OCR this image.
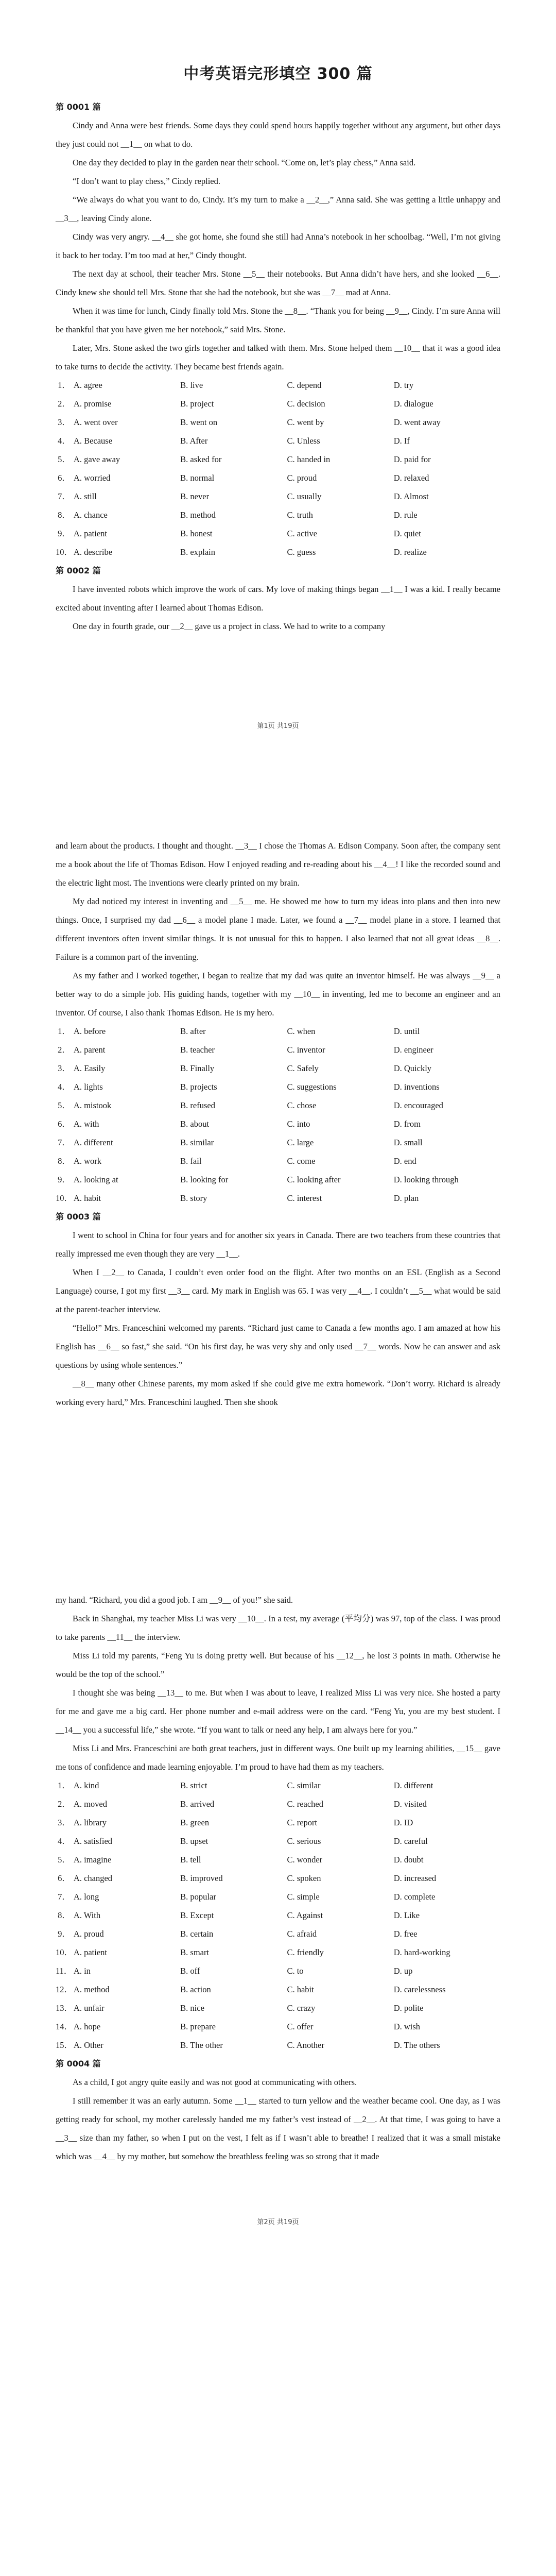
中考英语完形填空 300 篇
第 0001 篇

Cindy and Anna were best friends. Some days they could spend hours happily together without any argument, but other days they just could not __1__ on what to do.

One day they decided to play in the garden near their school. “Come on, let’s play chess,” Anna said.

“I don’t want to play chess,” Cindy replied.

“We always do what you want to do, Cindy. It’s my turn to make a __2__,” Anna said. She was getting a little unhappy and __3__, leaving Cindy alone.

Cindy was very angry. __4__ she got home, she found she still had Anna’s notebook in her schoolbag. “Well, I’m not giving it back to her today. I’m too mad at her,” Cindy thought.

The next day at school, their teacher Mrs. Stone __5__ their notebooks. But Anna didn’t have hers, and she looked __6__. Cindy knew she should tell Mrs. Stone that she had the notebook, but she was __7__ mad at Anna.

When it was time for lunch, Cindy finally told Mrs. Stone the __8__. “Thank you for being __9__, Cindy. I’m sure Anna will be thankful that you have given me her notebook,” said Mrs. Stone.

Later, Mrs. Stone asked the two girls together and talked with them. Mrs. Stone helped them __10__ that it was a good idea to take turns to decide the activity. They became best friends again.

1．	A. agree	B. live	C. depend	D. try
2．	A. promise	B. project	C. decision	D. dialogue
3．	A. went over	B. went on	C. went by	D. went away
4．	A. Because	B. After	C. Unless	D. If
5．	A. gave away	B. asked for	C. handed in	D. paid for
6．	A. worried	B. normal	C. proud	D. relaxed
7．	A. still	B. never	C. usually	D. Almost
8．	A. chance	B. method	C. truth	D. rule
9．	A. patient	B. honest	C. active	D. quiet
10．	A. describe	B. explain	C. guess	D. realize
第 0002 篇

I have invented robots which improve the work of cars. My love of making things began __1__ I was a kid. I really became excited about inventing after I learned about Thomas Edison.

One day in fourth grade, our __2__ gave us a project in class. We had to write to a company

第1页 共19页

and learn about the products. I thought and thought. __3__ I chose the Thomas A. Edison Company. Soon after, the company sent me a book about the life of Thomas Edison. How I enjoyed reading and re-reading about his __4__! I like the recorded sound and the electric light most. The inventions were clearly printed on my brain.

My dad noticed my interest in inventing and __5__ me. He showed me how to turn my ideas into plans and then into new things. Once, I surprised my dad __6__ a model plane I made. Later, we found a __7__ model plane in a store. I learned that different inventors often invent similar things. It is not unusual for this to happen. I also learned that not all great ideas __8__. Failure is a common part of the inventing.

As my father and I worked together, I began to realize that my dad was quite an inventor himself. He was always __9__ a better way to do a simple job. His guiding hands, together with my __10__ in inventing, led me to become an engineer and an inventor. Of course, I also thank Thomas Edison. He is my hero.

1．	A. before	B. after	C. when	D. until
2．	A. parent	B. teacher	C. inventor	D. engineer
3．	A. Easily	B. Finally	C. Safely	D. Quickly
4．	A. lights	B. projects	C. suggestions	D. inventions
5．	A. mistook	B. refused	C. chose	D. encouraged
6．	A. with	B. about	C. into	D. from
7．	A. different	B. similar	C. large	D. small
8．	A. work	B. fail	C. come	D. end
9．	A. looking at	B. looking for	C. looking after	D. looking through
10．	A. habit	B. story	C. interest	D. plan
第 0003 篇

I went to school in China for four years and for another six years in Canada. There are two teachers from these countries that really impressed me even though they are very __1__.

When I __2__ to Canada, I couldn’t even order food on the flight. After two months on an ESL (English as a Second Language) course, I got my first __3__ card. My mark in English was 65. I was very __4__. I couldn’t __5__ what would be said at the parent-teacher interview.

“Hello!” Mrs. Franceschini welcomed my parents. “Richard just came to Canada a few months ago. I am amazed at how his English has __6__ so fast,” she said. “On his first day, he was very shy and only used __7__ words. Now he can answer and ask questions by using whole sentences.”

__8__ many other Chinese parents, my mom asked if she could give me extra homework. “Don’t worry. Richard is already working every hard,” Mrs. Franceschini laughed. Then she shook

第2页 共19页

my hand. “Richard, you did a good job. I am __9__ of you!” she said.

Back in Shanghai, my teacher Miss Li was very __10__. In a test, my average (平均分) was 97, top of the class. I was proud to take parents __11__ the interview.

Miss Li told my parents, “Feng Yu is doing pretty well. But because of his __12__, he lost 3 points in math. Otherwise he would be the top of the school.”

I thought she was being __13__ to me. But when I was about to leave, I realized Miss Li was very nice. She hosted a party for me and gave me a big card. Her phone number and e-mail address were on the card. “Feng Yu, you are my best student. I __14__ you a successful life,” she wrote. “If you want to talk or need any help, I am always here for you.”

Miss Li and Mrs. Franceschini are both great teachers, just in different ways. One built up my learning abilities, __15__ gave me tons of confidence and made learning enjoyable. I’m proud to have had them as my teachers.

1．	A. kind	B. strict	C. similar	D. different
2．	A. moved	B. arrived	C. reached	D. visited
3．	A. library	B. green	C. report	D. ID
4．	A. satisfied	B. upset	C. serious	D. careful
5．	A. imagine	B. tell	C. wonder	D. doubt
6．	A. changed	B. improved	C. spoken	D. increased
7．	A. long	B. popular	C. simple	D. complete
8．	A. With	B. Except	C. Against	D. Like
9．	A. proud	B. certain	C. afraid	D. free
10．	A. patient	B. smart	C. friendly	D. hard-working
11．	A. in	B. off	C. to	D. up
12．	A. method	B. action	C. habit	D. carelessness
13．	A. unfair	B. nice	C. crazy	D. polite
14．	A. hope	B. prepare	C. offer	D. wish
15．	A. Other	B. The other	C. Another	D. The others
第 0004 篇

As a child, I got angry quite easily and was not good at communicating with others.

I still remember it was an early autumn. Some __1__ started to turn yellow and the weather became cool. One day, as I was getting ready for school, my mother carelessly handed me my father’s vest instead of __2__. At that time, I was going to have a __3__ size than my father, so when I put on the vest, I felt as if I wasn’t able to breathe! I realized that it was a small mistake which was __4__ by my mother, but somehow the breathless feeling was so strong that it made
